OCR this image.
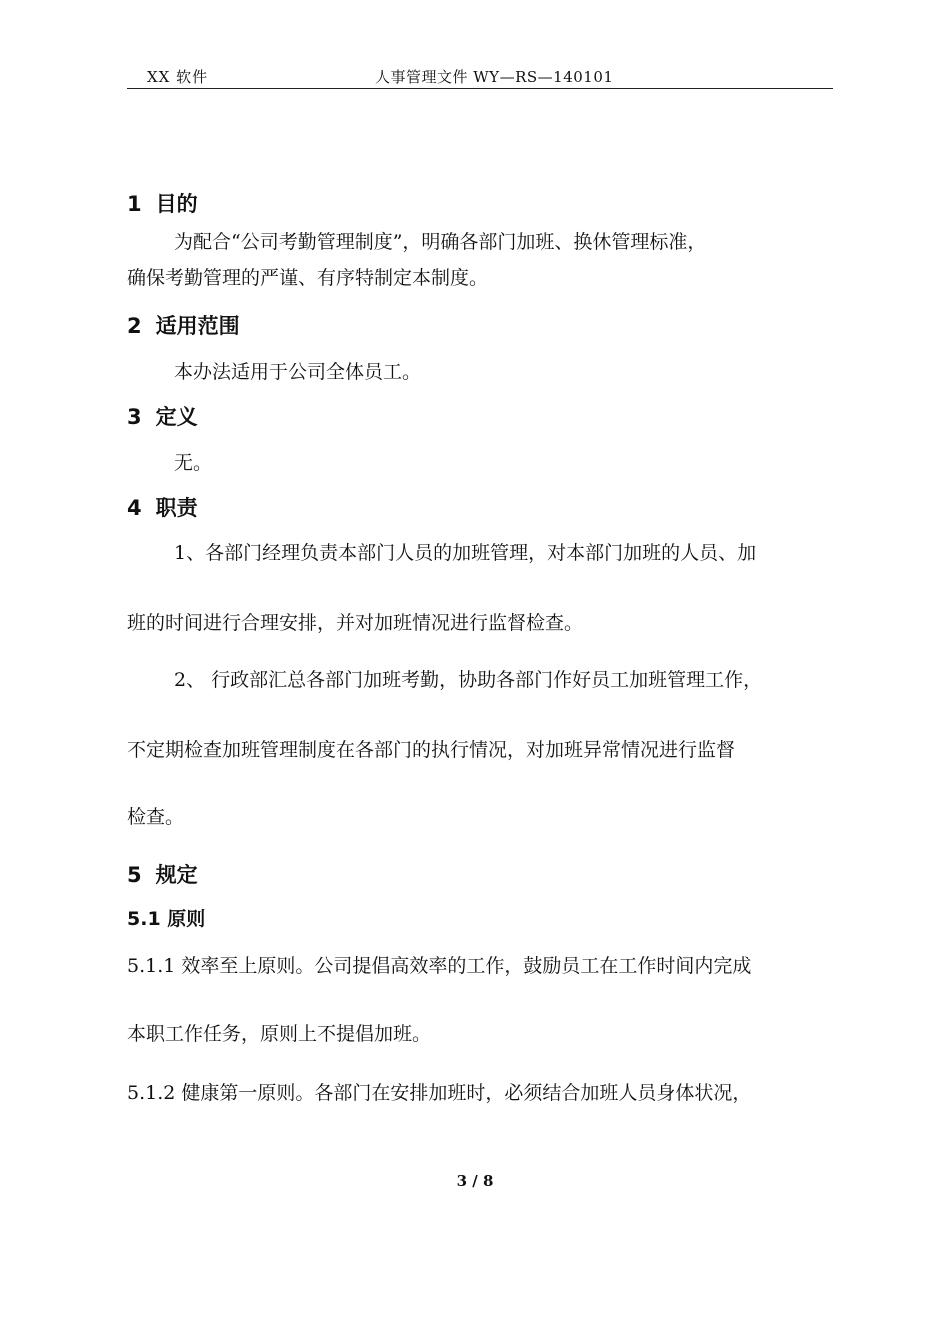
XX 软件	人事管理文件 WY—RS—140101
1 目的
为配合“公司考勤管理制度”，明确各部门加班、换休管理标准，
确保考勤管理的严谨、有序特制定本制度。
2 适用范围
本办法适用于公司全体员工。
3 定义
无。
4 职责
1、各部门经理负责本部门人员的加班管理，对本部门加班的人员、加
班的时间进行合理安排，并对加班情况进行监督检查。
2、 行政部汇总各部门加班考勤，协助各部门作好员工加班管理工作，
不定期检查加班管理制度在各部门的执行情况，对加班异常情况进行监督
检查。
5 规定
5.1 原则
5.1.1 效率至上原则。公司提倡高效率的工作，鼓励员工在工作时间内完成
本职工作任务，原则上不提倡加班。
5.1.2 健康第一原则。各部门在安排加班时，必须结合加班人员身体状况，
3 / 8
